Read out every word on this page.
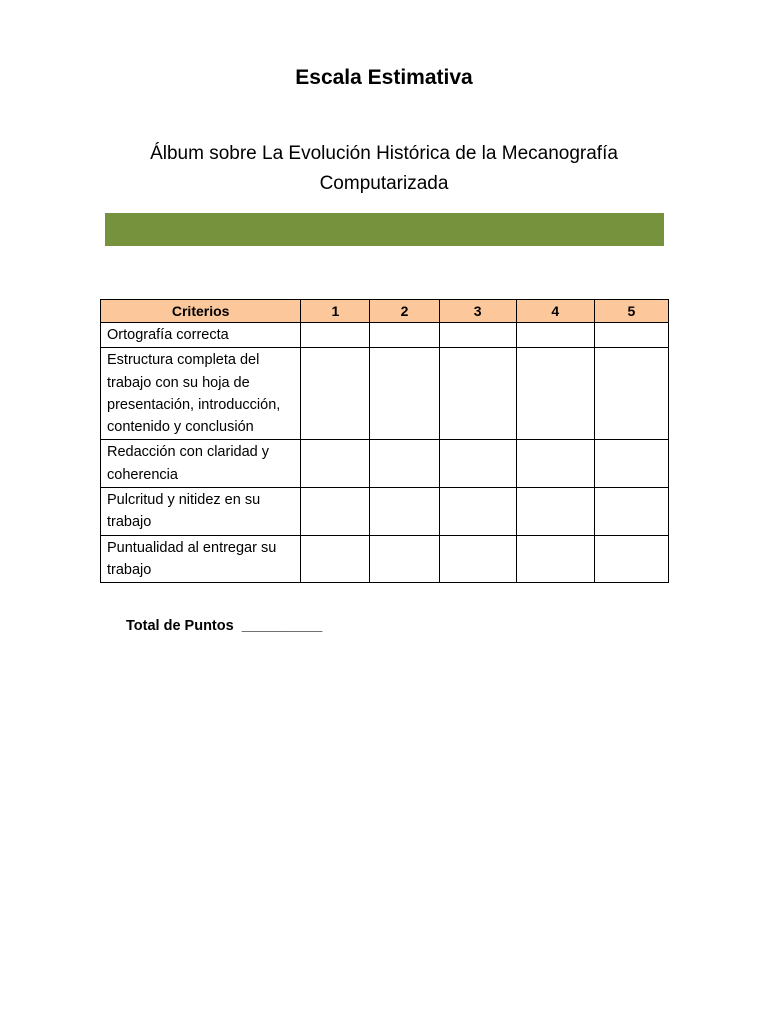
Escala Estimativa
Álbum sobre La Evolución Histórica de la Mecanografía
Computarizada
Criterios	1	2	3	4	5
Ortografía correcta					
Estructura completa del trabajo con su hoja de presentación, introducción, contenido y conclusión					
Redacción con claridad y coherencia					
Pulcritud y nitidez en su trabajo					
Puntualidad al entregar su trabajo					

Total de Puntos  __________
